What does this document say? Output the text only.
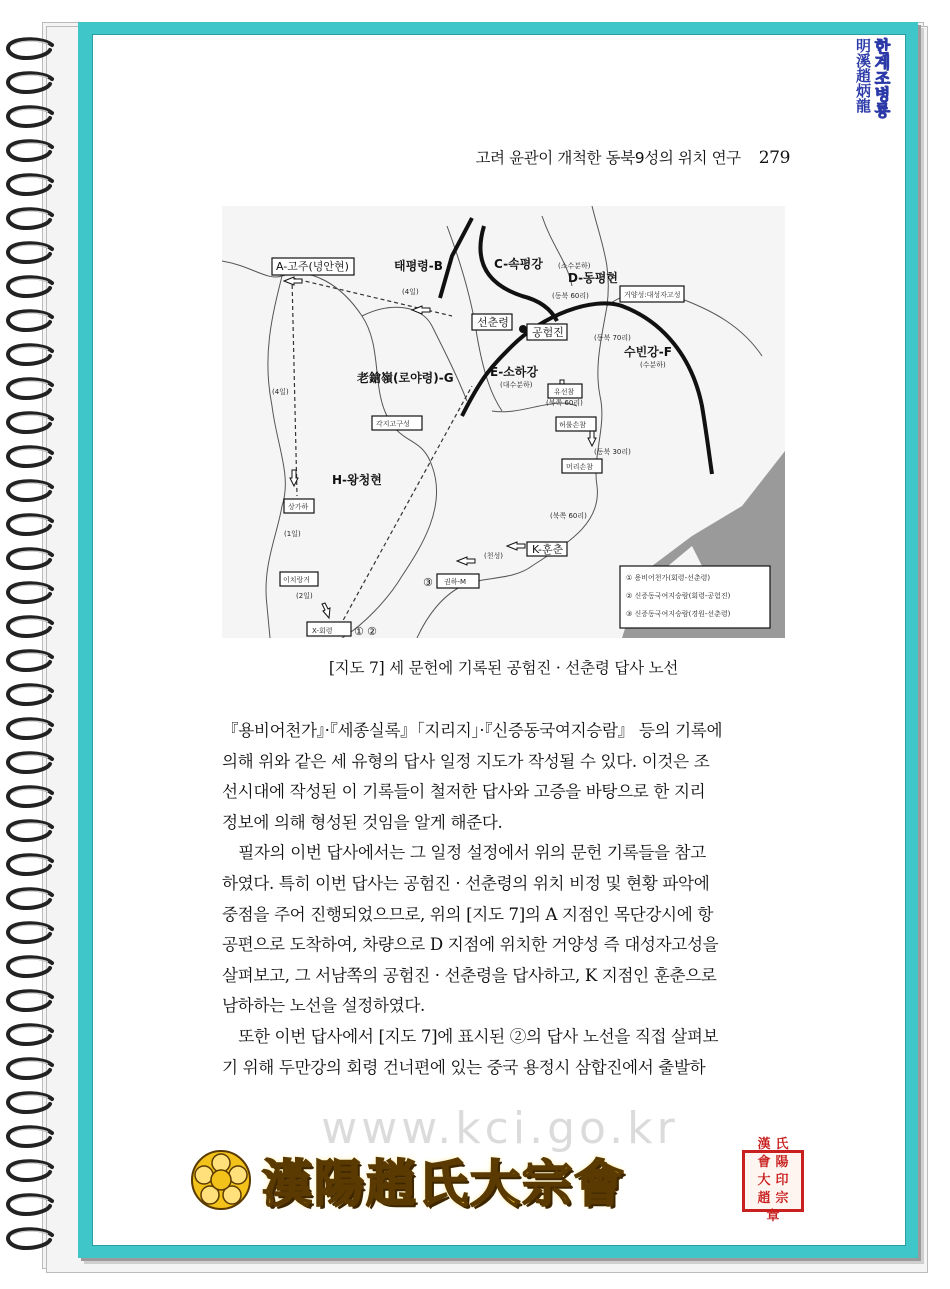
한계조병룡
明溪趙炳龍
고려 윤관이 개척한 동북9성의 위치 연구 279
태평령-B
A-고주(녕안현)	C-속평강 (소수분하)
D-동평현
거양성:대성자고성
선춘령
공험진
수빈강-F
(수분하)
老鎗嶺(로야령)-G	E-소하강
(대수분하)
유선참
각지고구성	허룰손참
머리손참
H-왕청현
상가하
이치랑거
K-훈춘
권하-M
X-회령
(4일)
(4일)
(1일)
(2일)
(동북 60리)
(동북 70리)
(북쪽 60리)
(동북 30리)
(북쪽 60리)
(천성)
① ②
③	① 용비어천가(회령-선춘령)
② 신증동국여지승람(회령-공험진)
③ 신증동국여지승람(경원-선춘령)
[지도 7] 세 문헌에 기록된 공험진 · 선춘령 답사 노선
『용비어천가』·『세종실록』「지리지」·『신증동국여지승람』 등의 기록에
의해 위와 같은 세 유형의 답사 일정 지도가 작성될 수 있다. 이것은 조
선시대에 작성된 이 기록들이 철저한 답사와 고증을 바탕으로 한 지리
정보에 의해 형성된 것임을 알게 해준다.
　필자의 이번 답사에서는 그 일정 설정에서 위의 문헌 기록들을 참고
하였다. 특히 이번 답사는 공험진 · 선춘령의 위치 비정 및 현황 파악에
중점을 주어 진행되었으므로, 위의 [지도 7]의 A 지점인 목단강시에 항
공편으로 도착하여, 차량으로 D 지점에 위치한 거양성 즉 대성자고성을
살펴보고, 그 서남쪽의 공험진 · 선춘령을 답사하고, K 지점인 훈춘으로
남하하는 노선을 설정하였다.
　또한 이번 답사에서 [지도 7]에 표시된 ②의 답사 노선을 직접 살펴보
기 위해 두만강의 회령 건너편에 있는 중국 용정시 삼합진에서 출발하
www.kci.go.kr
漢陽趙氏大宗會
漢 氏
會 陽
大 印
趙 宗
章
